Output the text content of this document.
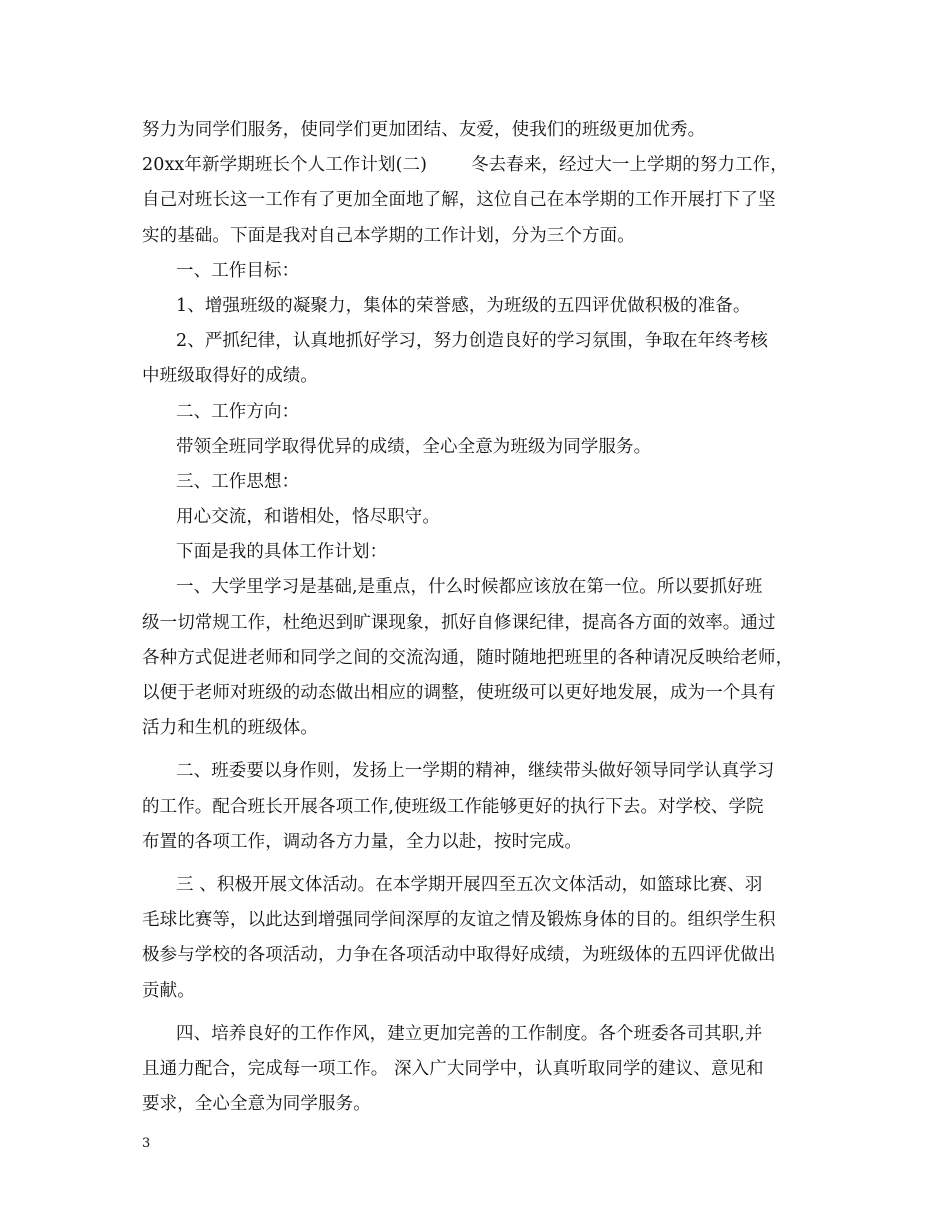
努力为同学们服务，使同学们更加团结、友爱，使我们的班级更加优秀。
20xx年新学期班长个人工作计划(二)	冬去春来，经过大一上学期的努力工作，
自己对班长这一工作有了更加全面地了解，这位自己在本学期的工作开展打下了坚
实的基础。下面是我对自己本学期的工作计划，分为三个方面。
一、工作目标：
1、增强班级的凝聚力，集体的荣誉感，为班级的五四评优做积极的准备。
2、严抓纪律，认真地抓好学习，努力创造良好的学习氛围，争取在年终考核
中班级取得好的成绩。
二、工作方向：
带领全班同学取得优异的成绩，全心全意为班级为同学服务。
三、工作思想：
用心交流，和谐相处，恪尽职守。
下面是我的具体工作计划：
一、大学里学习是基础,是重点，什么时候都应该放在第一位。所以要抓好班
级一切常规工作，杜绝迟到旷课现象，抓好自修课纪律，提高各方面的效率。通过
各种方式促进老师和同学之间的交流沟通，随时随地把班里的各种请况反映给老师，
以便于老师对班级的动态做出相应的调整，使班级可以更好地发展，成为一个具有
活力和生机的班级体。
二、班委要以身作则，发扬上一学期的精神，继续带头做好领导同学认真学习
的工作。配合班长开展各项工作,使班级工作能够更好的执行下去。对学校、学院
布置的各项工作，调动各方力量，全力以赴，按时完成。
三 、积极开展文体活动。在本学期开展四至五次文体活动，如篮球比赛、羽
毛球比赛等，以此达到增强同学间深厚的友谊之情及锻炼身体的目的。组织学生积
极参与学校的各项活动，力争在各项活动中取得好成绩，为班级体的五四评优做出
贡献。
四、培养良好的工作作风，建立更加完善的工作制度。各个班委各司其职,并
且通力配合，完成每一项工作。 深入广大同学中，认真听取同学的建议、意见和
要求，全心全意为同学服务。
3
